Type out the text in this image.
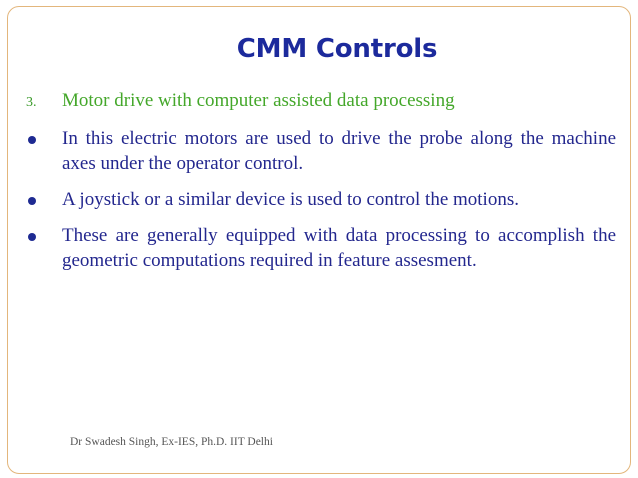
CMM Controls
3.	Motor drive with computer assisted data processing
In this electric motors are used to drive the probe along the machine axes under the operator control.
A joystick or a similar device is used to control the motions.
These are generally equipped with data processing to accomplish the geometric computations required in feature assesment.
Dr Swadesh Singh, Ex-IES, Ph.D. IIT Delhi
